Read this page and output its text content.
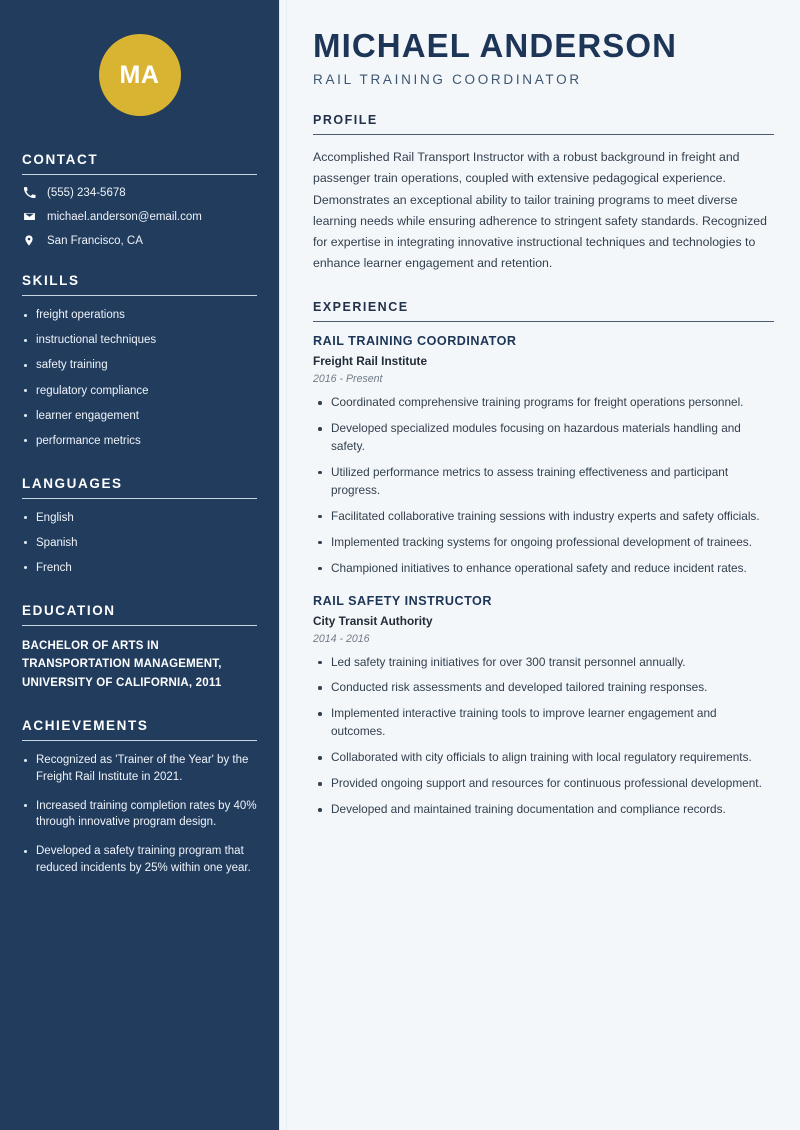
MA
CONTACT
(555) 234-5678
michael.anderson@email.com
San Francisco, CA
SKILLS
freight operations
instructional techniques
safety training
regulatory compliance
learner engagement
performance metrics
LANGUAGES
English
Spanish
French
EDUCATION
BACHELOR OF ARTS IN TRANSPORTATION MANAGEMENT, UNIVERSITY OF CALIFORNIA, 2011
ACHIEVEMENTS
Recognized as 'Trainer of the Year' by the Freight Rail Institute in 2021.
Increased training completion rates by 40% through innovative program design.
Developed a safety training program that reduced incidents by 25% within one year.
MICHAEL ANDERSON
RAIL TRAINING COORDINATOR
PROFILE

Accomplished Rail Transport Instructor with a robust background in freight and passenger train operations, coupled with extensive pedagogical experience. Demonstrates an exceptional ability to tailor training programs to meet diverse learning needs while ensuring adherence to stringent safety standards. Recognized for expertise in integrating innovative instructional techniques and technologies to enhance learner engagement and retention.

EXPERIENCE
RAIL TRAINING COORDINATOR
Freight Rail Institute
2016 - Present
Coordinated comprehensive training programs for freight operations personnel.
Developed specialized modules focusing on hazardous materials handling and safety.
Utilized performance metrics to assess training effectiveness and participant progress.
Facilitated collaborative training sessions with industry experts and safety officials.
Implemented tracking systems for ongoing professional development of trainees.
Championed initiatives to enhance operational safety and reduce incident rates.
RAIL SAFETY INSTRUCTOR
City Transit Authority
2014 - 2016
Led safety training initiatives for over 300 transit personnel annually.
Conducted risk assessments and developed tailored training responses.
Implemented interactive training tools to improve learner engagement and outcomes.
Collaborated with city officials to align training with local regulatory requirements.
Provided ongoing support and resources for continuous professional development.
Developed and maintained training documentation and compliance records.
